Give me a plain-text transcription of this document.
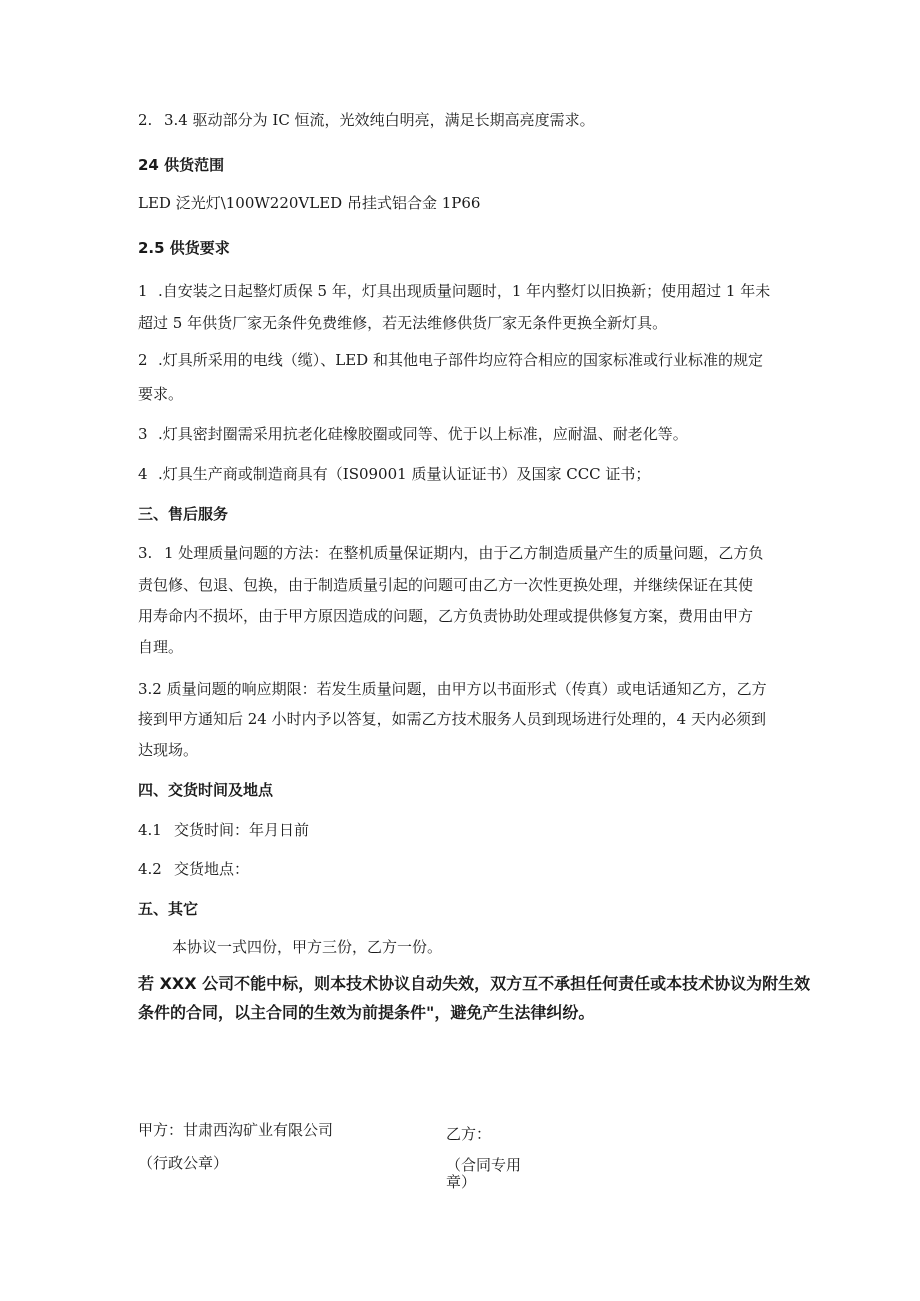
2. 3.4 驱动部分为 IC 恒流，光效纯白明亮，满足长期高亮度需求。
24 供货范围
LED 泛光灯\100W220VLED 吊挂式铝合金 1P66
2.5 供货要求
1 .自安装之日起整灯质保 5 年，灯具出现质量问题时，1 年内整灯以旧换新；使用超过 1 年未
超过 5 年供货厂家无条件免费维修，若无法维修供货厂家无条件更换全新灯具。
2 .灯具所采用的电线（缆）、LED 和其他电子部件均应符合相应的国家标准或行业标准的规定
要求。
3 .灯具密封圈需采用抗老化硅橡胶圈或同等、优于以上标准，应耐温、耐老化等。
4 .灯具生产商或制造商具有（IS09001 质量认证证书）及国家 CCC 证书；
三、售后服务
3. 1 处理质量问题的方法：在整机质量保证期内，由于乙方制造质量产生的质量问题，乙方负
责包修、包退、包换，由于制造质量引起的问题可由乙方一次性更换处理，并继续保证在其使
用寿命内不损坏，由于甲方原因造成的问题，乙方负责协助处理或提供修复方案，费用由甲方
自理。
3.2 质量问题的响应期限：若发生质量问题，由甲方以书面形式（传真）或电话通知乙方，乙方
接到甲方通知后 24 小时内予以答复，如需乙方技术服务人员到现场进行处理的，4 天内必须到
达现场。
四、交货时间及地点
4.1 交货时间：年月日前
4.2 交货地点：
五、其它
本协议一式四份，甲方三份，乙方一份。
若 XXX 公司不能中标，则本技术协议自动失效，双方互不承担任何责任或本技术协议为附生效
条件的合同，以主合同的生效为前提条件"，避免产生法律纠纷。
甲方：甘肃西沟矿业有限公司
（行政公章）
乙方：
（合同专用
章）
